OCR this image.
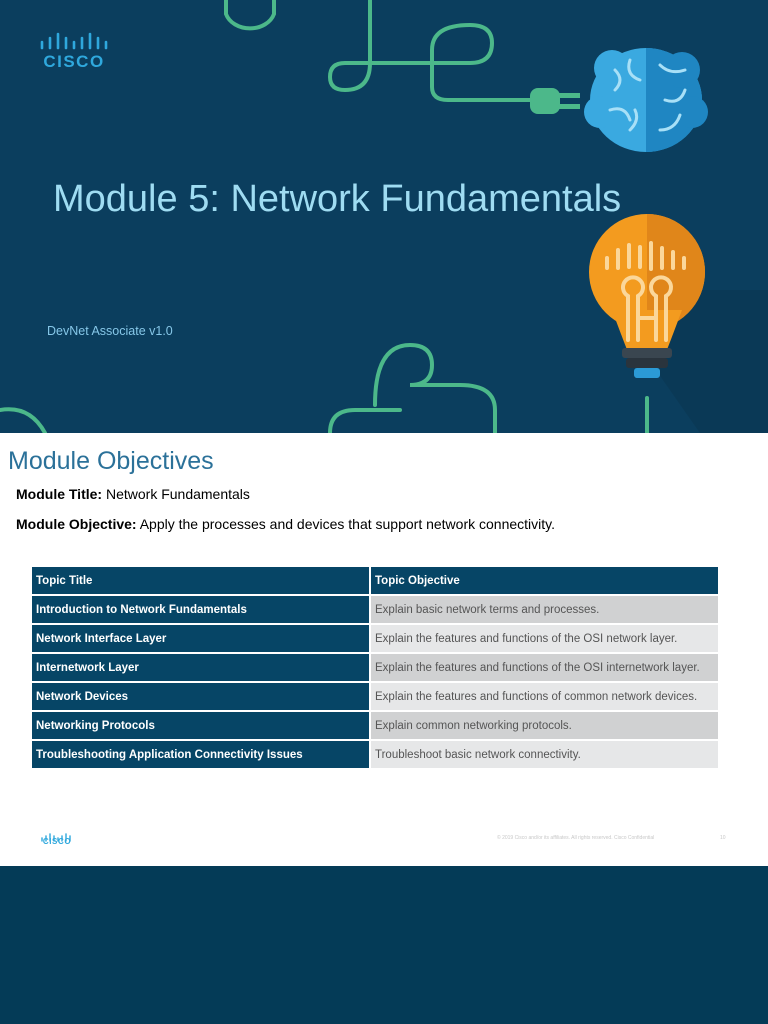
CISCO
Module 5: Network Fundamentals
DevNet Associate v1.0
Module Objectives
Module Title: Network Fundamentals
Module Objective: Apply the processes and devices that support network connectivity.
Topic Title	Topic Objective
Introduction to Network Fundamentals	Explain basic network terms and processes.
Network Interface Layer	Explain the features and functions of the OSI network layer.
Internetwork Layer	Explain the features and functions of the OSI internetwork layer.
Network Devices	Explain the features and functions of common network devices.
Networking Protocols	Explain common networking protocols.
Troubleshooting Application Connectivity Issues	Troubleshoot basic network connectivity.
CISCO	© 2019 Cisco and/or its affiliates. All rights reserved. Cisco Confidential	10
